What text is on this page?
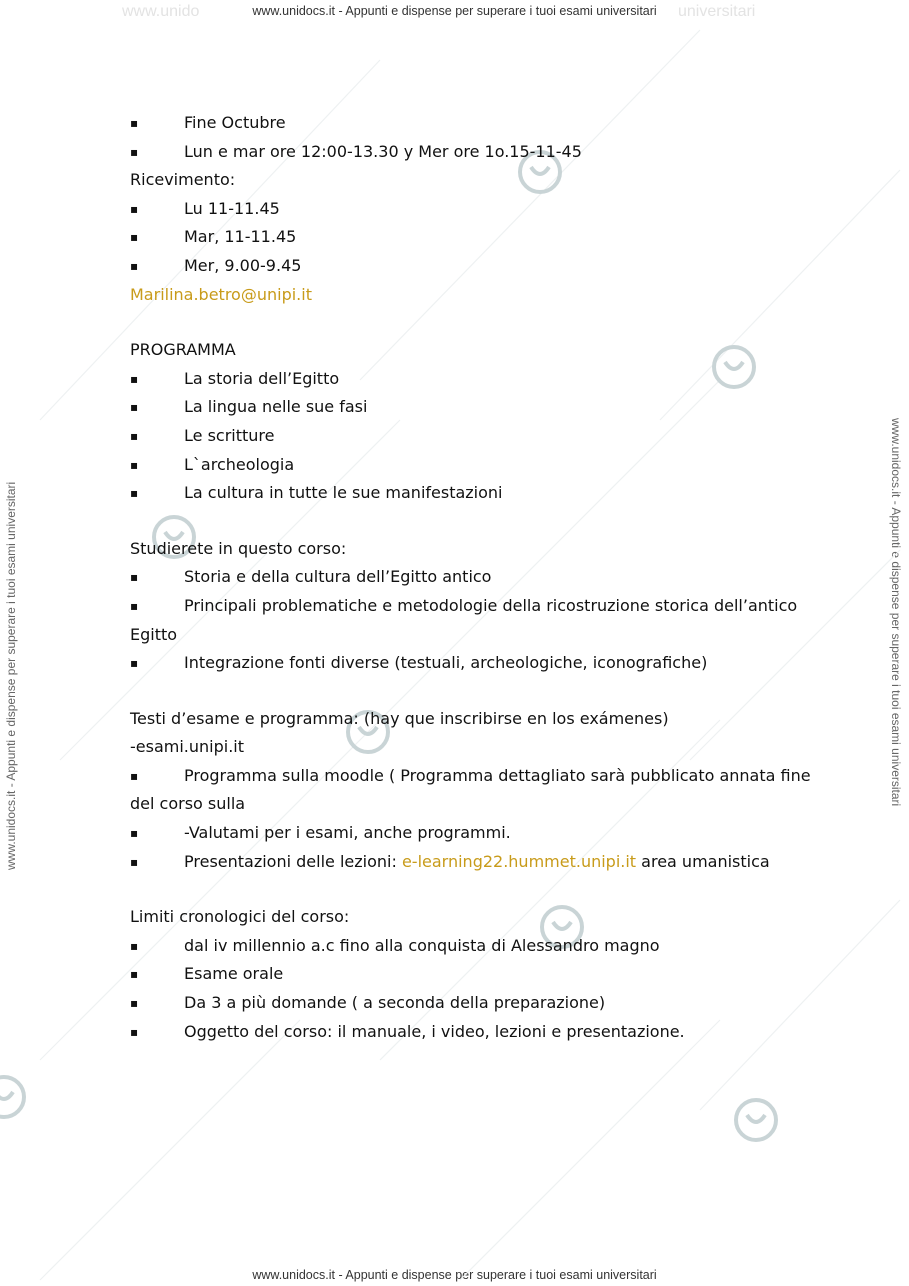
www.unidocs.it - Appunti e dispense per superare i tuoi esami universitari
www.unidocs.it - Appunti e dispense per superare i tuoi esami universitari
www.unido	universitari
www.unidocs.it - Appunti e dispense per superare i tuoi esami universitari	www.unidocs.it - Appunti e dispense per superare i tuoi esami universitari
▪	Fine Octubre
▪	Lun e mar ore 12:00-13.30 y Mer ore 1o.15-11-45
Ricevimento:
▪	Lu 11-11.45
▪	Mar, 11-11.45
▪	Mer, 9.00-9.45
Marilina.betro@unipi.it
PROGRAMMA
▪	La storia dell’Egitto
▪	La lingua nelle sue fasi
▪	Le scritture
▪	L`archeologia
▪	La cultura in tutte le sue manifestazioni
Studierete in questo corso:
▪	Storia e della cultura dell’Egitto antico
▪	Principali problematiche e metodologie della ricostruzione storica dell’antico
Egitto
▪	Integrazione fonti diverse (testuali, archeologiche, iconografiche)
Testi d’esame e programma: (hay que inscribirse en los exámenes)
-esami.unipi.it
▪	Programma sulla moodle ( Programma dettagliato sarà pubblicato annata fine
del corso sulla
▪	-Valutami per i esami, anche programmi.
▪	Presentazioni delle lezioni: e-learning22.hummet.unipi.it area umanistica
Limiti cronologici del corso:
▪	dal iv millennio a.c fino alla conquista di Alessandro magno
▪	Esame orale
▪	Da 3 a più domande ( a seconda della preparazione)
▪	Oggetto del corso: il manuale, i video, lezioni e presentazione.
